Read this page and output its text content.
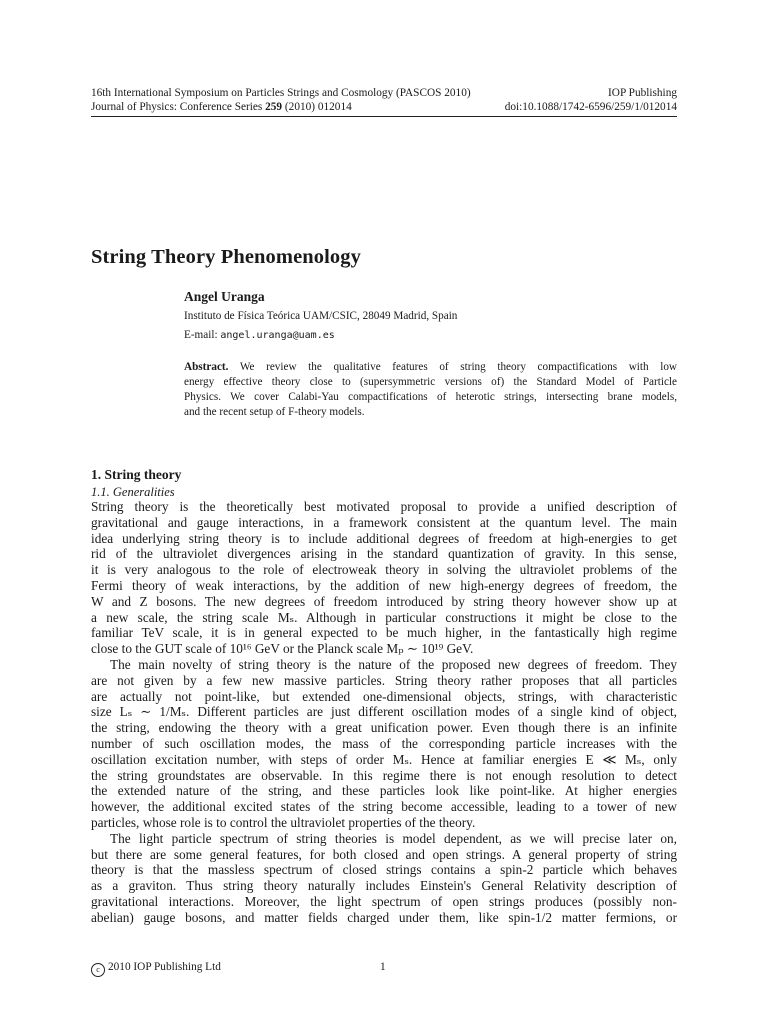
16th International Symposium on Particles Strings and Cosmology (PASCOS 2010)	IOP Publishing
Journal of Physics: Conference Series 259 (2010) 012014	doi:10.1088/1742-6596/259/1/012014
String Theory Phenomenology
Angel Uranga
Instituto de Física Teórica UAM/CSIC, 28049 Madrid, Spain
E-mail: angel.uranga@uam.es
Abstract. We review the qualitative features of string theory compactifications with low
energy effective theory close to (supersymmetric versions of) the Standard Model of Particle
Physics. We cover Calabi-Yau compactifications of heterotic strings, intersecting brane models,
and the recent setup of F-theory models.
1. String theory
1.1. Generalities
String theory is the theoretically best motivated proposal to provide a unified description of
gravitational and gauge interactions, in a framework consistent at the quantum level. The main
idea underlying string theory is to include additional degrees of freedom at high-energies to get
rid of the ultraviolet divergences arising in the standard quantization of gravity. In this sense,
it is very analogous to the role of electroweak theory in solving the ultraviolet problems of the
Fermi theory of weak interactions, by the addition of new high-energy degrees of freedom, the
W and Z bosons. The new degrees of freedom introduced by string theory however show up at
a new scale, the string scale Mₛ. Although in particular constructions it might be close to the
familiar TeV scale, it is in general expected to be much higher, in the fantastically high regime
close to the GUT scale of 10¹⁶ GeV or the Planck scale Mₚ ∼ 10¹⁹ GeV.
The main novelty of string theory is the nature of the proposed new degrees of freedom. They
are not given by a few new massive particles. String theory rather proposes that all particles
are actually not point-like, but extended one-dimensional objects, strings, with characteristic
size Lₛ ∼ 1/Mₛ. Different particles are just different oscillation modes of a single kind of object,
the string, endowing the theory with a great unification power. Even though there is an infinite
number of such oscillation modes, the mass of the corresponding particle increases with the
oscillation excitation number, with steps of order Mₛ. Hence at familiar energies E ≪ Mₛ, only
the string groundstates are observable. In this regime there is not enough resolution to detect
the extended nature of the string, and these particles look like point-like. At higher energies
however, the additional excited states of the string become accessible, leading to a tower of new
particles, whose role is to control the ultraviolet properties of the theory.
The light particle spectrum of string theories is model dependent, as we will precise later on,
but there are some general features, for both closed and open strings. A general property of string
theory is that the massless spectrum of closed strings contains a spin-2 particle which behaves
as a graviton. Thus string theory naturally includes Einstein's General Relativity description of
gravitational interactions. Moreover, the light spectrum of open strings produces (possibly non-
abelian) gauge bosons, and matter fields charged under them, like spin-1/2 matter fermions, or
c 2010 IOP Publishing Ltd	1
